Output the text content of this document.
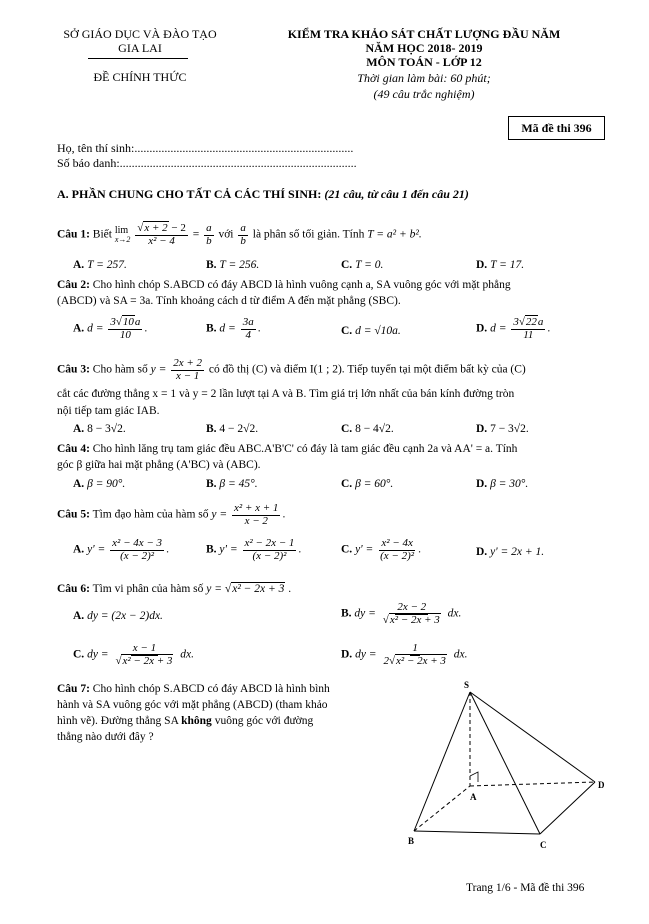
SỞ GIÁO DỤC VÀ ĐÀO TẠO
GIA LAI
ĐỀ CHÍNH THỨC
KIỂM TRA KHẢO SÁT CHẤT LƯỢNG ĐẦU NĂM
NĂM HỌC 2018- 2019
MÔN TOÁN - LỚP 12
Thời gian làm bài: 60 phút;
(49 câu trắc nghiệm)
Mã đề thi 396
Họ, tên thí sinh:.........................................................................
Số báo danh:...............................................................................
A. PHẦN CHUNG CHO TẤT CẢ CÁC THÍ SINH: (21 câu, từ câu 1 đến câu 21)
Câu 1: Biết lim
x→2
$\frac{√x + 2 - 2}{\text{x² − 4}} = \frac{a}{b}$ với $\frac{a}{b}$ là phân số tối giản. Tính T = a² + b².
A. T = 257.	B. T = 256.	C. T = 0.	D. T = 17.
Câu 2: Cho hình chóp S.ABCD có đáy ABCD là hình vuông cạnh a, SA vuông góc với mặt phẳng
(ABCD) và SA = 3a. Tính khoảng cách d từ điểm A đến mặt phẳng (SBC).
A. $d = \frac{3√10a}{10}$ .	B. $d = \frac{3a}{4}$ .	C. d = √10a.	D. $d = \frac{3√22a}{11}$ .
Câu 3: Cho hàm số $y = \frac{2x + 2}{x - 1}$ có đồ thị (C) và điểm I(1 ; 2). Tiếp tuyến tại một điểm bất kỳ của (C)
cắt các đường thẳng x = 1 và y = 2 lần lượt tại A và B. Tìm giá trị lớn nhất của bán kính đường tròn
nội tiếp tam giác IAB.
A. 8 − 3√2.	B. 4 − 2√2.	C. 8 − 4√2.	D. 7 − 3√2.
Câu 4: Cho hình lăng trụ tam giác đều ABC.A'B'C' có đáy là tam giác đều cạnh 2a và AA' = a. Tính
góc β giữa hai mặt phẳng (A'BC) và (ABC).
A. β = 90°.	B. β = 45°.	C. β = 60°.	D. β = 30°.
Câu 5: Tìm đạo hàm của hàm số $y = \frac{\text{x² + x + 1}}{x - 2}$ .
A. $y' = \frac{\text{x² − 4x − 3}}{\text{(x − 2)²}}$ .	B. $y' = \frac{\text{x² − 2x − 1}}{\text{(x − 2)²}}$ .	C. $y' = \frac{\text{x² − 4x}}{\text{(x − 2)²}}$ .	D. y' = 2x + 1.
Câu 6: Tìm vi phân của hàm số y = √x² − 2x + 3 .
A. dy = (2x − 2)dx.	B. dy = $\frac{2x - 2}{\text{√x² − 2x + 3}}$ dx.
C. dy = $\frac{x - 1}{\text{√x² − 2x + 3}}$ dx.	D. dy = $\frac{1}{\text{2√x² − 2x + 3}}$ dx.
Câu 7: Cho hình chóp S.ABCD có đáy ABCD là hình bình
hành và SA vuông góc với mặt phẳng (ABCD) (tham khảo
hình vẽ). Đường thẳng SA không vuông góc với đường
thẳng nào dưới đây ?
S
A
B	C
D
Trang 1/6 - Mã đề thi 396
